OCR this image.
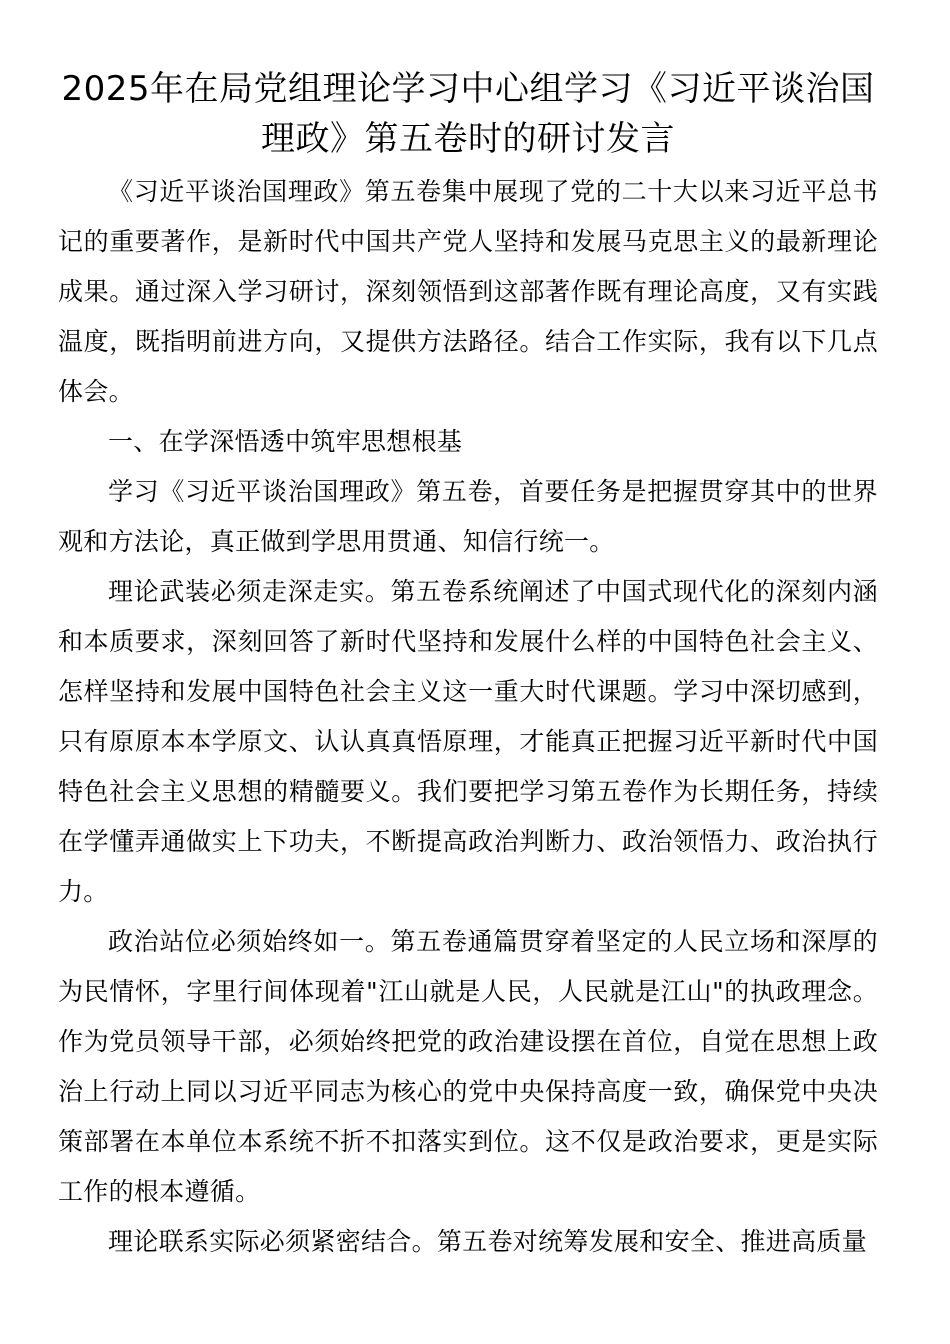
2025年在局党组理论学习中心组学习《习近平谈治国理政》第五卷时的研讨发言

《习近平谈治国理政》第五卷集中展现了党的二十大以来习近平总书记的重要著作，是新时代中国共产党人坚持和发展马克思主义的最新理论成果。通过深入学习研讨，深刻领悟到这部著作既有理论高度，又有实践温度，既指明前进方向，又提供方法路径。结合工作实际，我有以下几点体会。

一、在学深悟透中筑牢思想根基

学习《习近平谈治国理政》第五卷，首要任务是把握贯穿其中的世界观和方法论，真正做到学思用贯通、知信行统一。

理论武装必须走深走实。第五卷系统阐述了中国式现代化的深刻内涵和本质要求，深刻回答了新时代坚持和发展什么样的中国特色社会主义、怎样坚持和发展中国特色社会主义这一重大时代课题。学习中深切感到，只有原原本本学原文、认认真真悟原理，才能真正把握习近平新时代中国特色社会主义思想的精髓要义。我们要把学习第五卷作为长期任务，持续在学懂弄通做实上下功夫，不断提高政治判断力、政治领悟力、政治执行力。

政治站位必须始终如一。第五卷通篇贯穿着坚定的人民立场和深厚的为民情怀，字里行间体现着"江山就是人民，人民就是江山"的执政理念。作为党员领导干部，必须始终把党的政治建设摆在首位，自觉在思想上政治上行动上同以习近平同志为核心的党中央保持高度一致，确保党中央决策部署在本单位本系统不折不扣落实到位。这不仅是政治要求，更是实际工作的根本遵循。

理论联系实际必须紧密结合。第五卷对统筹发展和安全、推进高质量
